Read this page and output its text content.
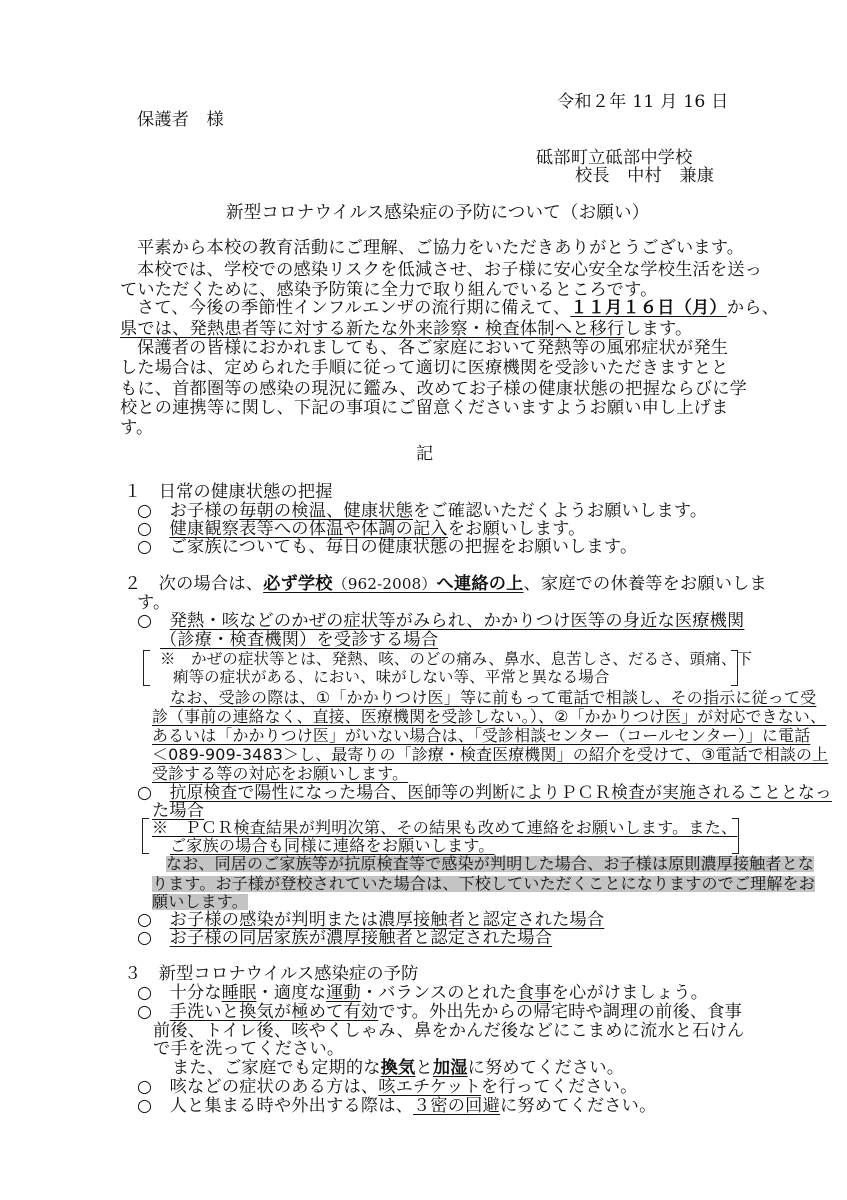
令和２年 11 月 16 日
保護者　様
砥部町立砥部中学校
校長　中村　兼康
新型コロナウイルス感染症の予防について（お願い）
平素から本校の教育活動にご理解、ご協力をいただきありがとうございます。
本校では、学校での感染リスクを低減させ、お子様に安心安全な学校生活を送っ
ていただくために、感染予防策に全力で取り組んでいるところです。
さて、今後の季節性インフルエンザの流行期に備えて、１１月１６日（月）から、
県では、発熱患者等に対する新たな外来診察・検査体制へと移行します。
保護者の皆様におかれましても、各ご家庭において発熱等の風邪症状が発生
した場合は、定められた手順に従って適切に医療機関を受診いただきますとと
もに、首都圏等の感染の現況に鑑み、改めてお子様の健康状態の把握ならびに学
校との連携等に関し、下記の事項にご留意くださいますようお願い申し上げま
す。
記
１　日常の健康状態の把握
○　お子様の毎朝の検温、健康状態をご確認いただくようお願いします。
○　健康観察表等への体温や体調の記入をお願いします。
○　ご家族についても、毎日の健康状態の把握をお願いします。
２　次の場合は、必ず学校（962-2008）へ連絡の上、家庭での休養等をお願いしま
す。
○　発熱・咳などのかぜの症状等がみられ、かかりつけ医等の身近な医療機関
（診療・検査機関）を受診する場合
※　かぜの症状等とは、発熱、咳、のどの痛み、鼻水、息苦しさ、だるさ、頭痛、下
痢等の症状がある、におい、味がしない等、平常と異なる場合
なお、受診の際は、①「かかりつけ医」等に前もって電話で相談し、その指示に従って受
診（事前の連絡なく、直接、医療機関を受診しない。）、②「かかりつけ医」が対応できない、
あるいは「かかりつけ医」がいない場合は、「受診相談センター（コールセンター）」に電話
＜089-909-3483＞し、最寄りの「診療・検査医療機関」の紹介を受けて、③電話で相談の上
受診する等の対応をお願いします。
○　抗原検査で陽性になった場合、医師等の判断によりＰＣＲ検査が実施されることとなっ
た場合
※　ＰＣＲ検査結果が判明次第、その結果も改めて連絡をお願いします。また、
ご家族の場合も同様に連絡をお願いします。
なお、同居のご家族等が抗原検査等で感染が判明した場合、お子様は原則濃厚接触者とな
ります。お子様が登校されていた場合は、下校していただくことになりますのでご理解をお
願いします。
○　お子様の感染が判明または濃厚接触者と認定された場合
○　お子様の同居家族が濃厚接触者と認定された場合
３　新型コロナウイルス感染症の予防
○　十分な睡眠・適度な運動・バランスのとれた食事を心がけましょう。
○　手洗いと換気が極めて有効です。外出先からの帰宅時や調理の前後、食事
前後、トイレ後、咳やくしゃみ、鼻をかんだ後などにこまめに流水と石けん
で手を洗ってください。
また、ご家庭でも定期的な換気と加湿に努めてください。
○　咳などの症状のある方は、咳エチケットを行ってください。
○　人と集まる時や外出する際は、３密の回避に努めてください。
